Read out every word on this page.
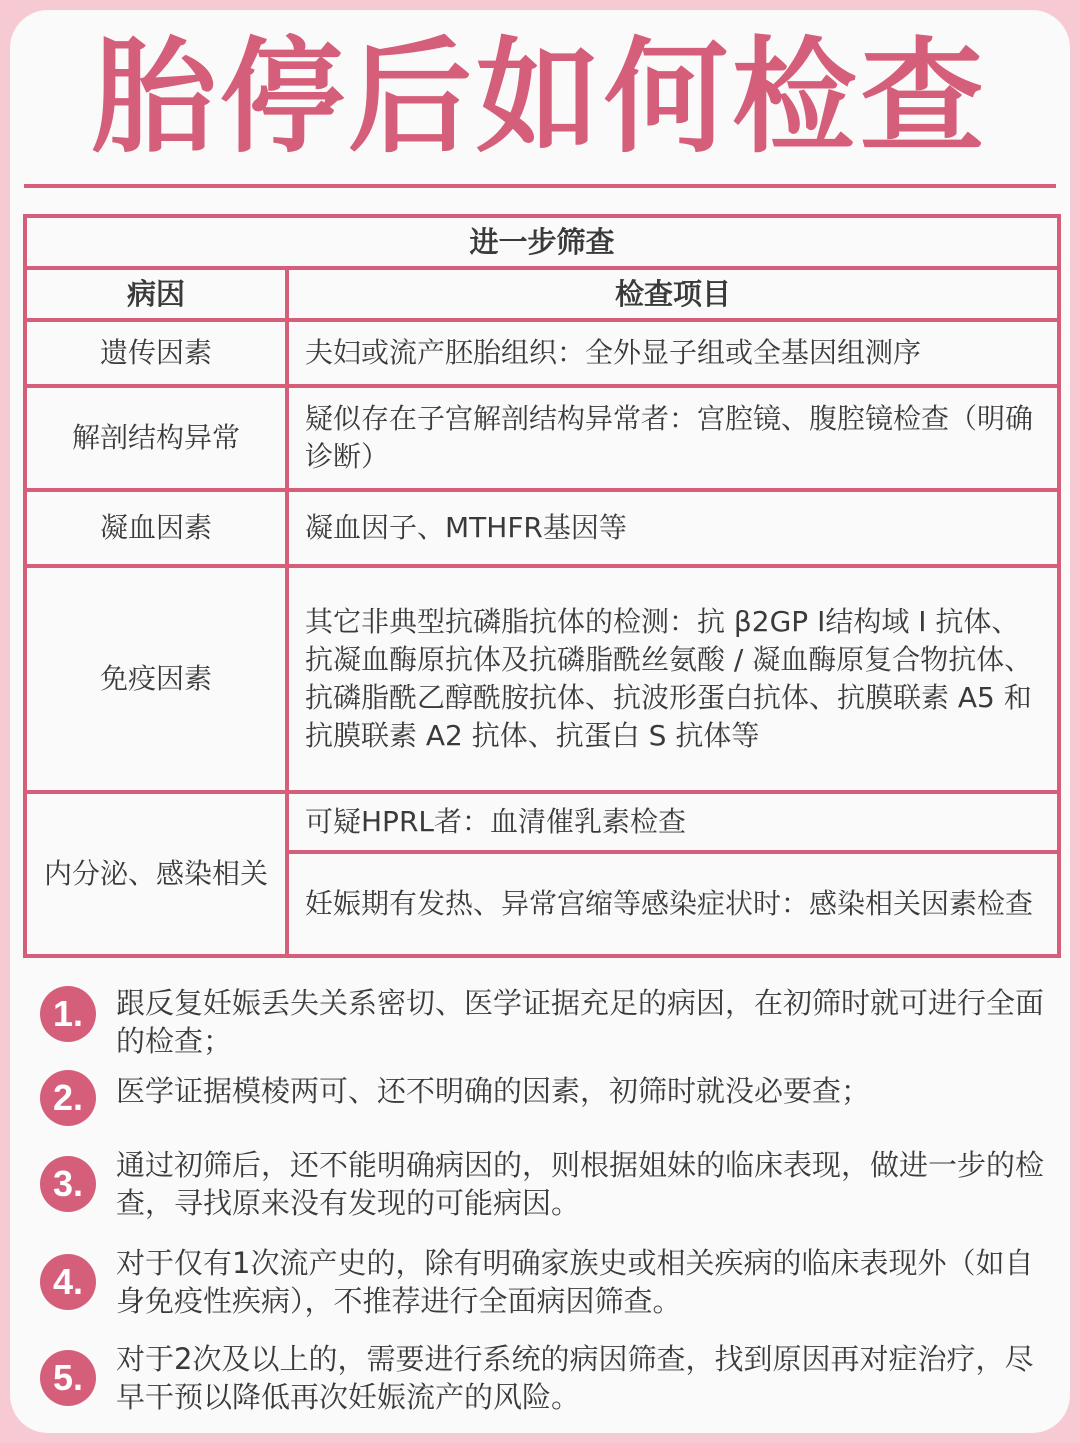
胎停后如何检查
进一步筛查	
病因	检查项目
遗传因素	夫妇或流产胚胎组织：全外显子组或全基因组测序
解剖结构异常	疑似存在子宫解剖结构异常者：宫腔镜、腹腔镜检查（明确诊断）
凝血因素	凝血因子、MTHFR基因等
免疫因素	其它非典型抗磷脂抗体的检测：抗 β2GP Ⅰ结构域 Ⅰ 抗体、抗凝血酶原抗体及抗磷脂酰丝氨酸 / 凝血酶原复合物抗体、抗磷脂酰乙醇酰胺抗体、抗波形蛋白抗体、抗膜联素 A5 和抗膜联素 A2 抗体、抗蛋白 S 抗体等
内分泌、感染相关	可疑HPRL者：血清催乳素检查
	妊娠期有发热、异常宫缩等感染症状时：感染相关因素检查
1.	跟反复妊娠丢失关系密切、医学证据充足的病因，在初筛时就可进行全面的检查；
2.	医学证据模棱两可、还不明确的因素，初筛时就没必要查；
3.	通过初筛后，还不能明确病因的，则根据姐妹的临床表现，做进一步的检查，寻找原来没有发现的可能病因。
4.	对于仅有1次流产史的，除有明确家族史或相关疾病的临床表现外（如自身免疫性疾病），不推荐进行全面病因筛查。
5.	对于2次及以上的，需要进行系统的病因筛查，找到原因再对症治疗，尽早干预以降低再次妊娠流产的风险。
